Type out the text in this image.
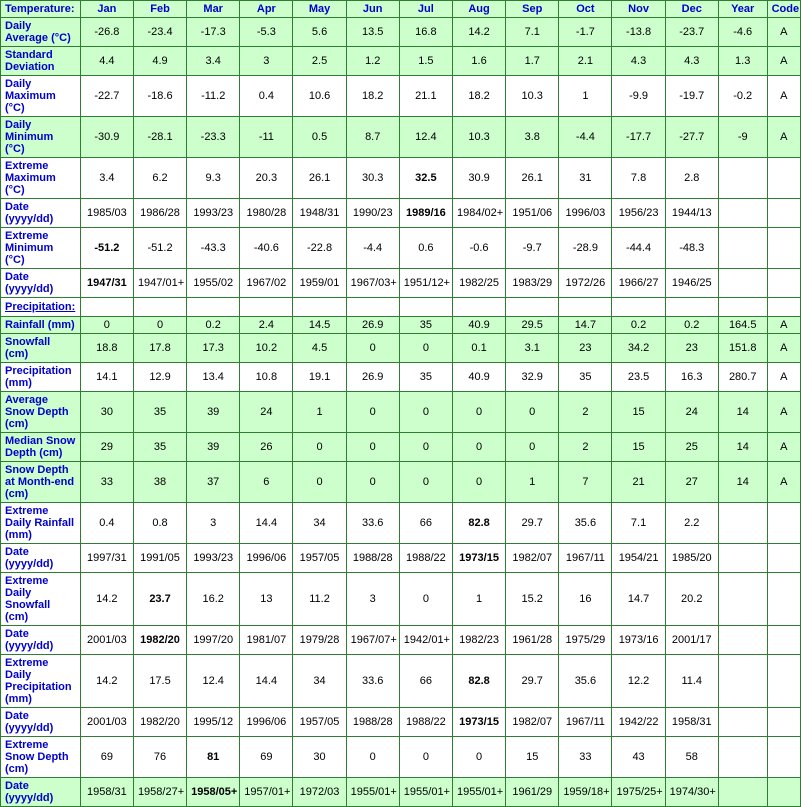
Temperature:	Jan	Feb	Mar	Apr	May	Jun	Jul	Aug	Sep	Oct	Nov	Dec	Year	Code
Daily Average (°C)	-26.8	-23.4	-17.3	-5.3	5.6	13.5	16.8	14.2	7.1	-1.7	-13.8	-23.7	-4.6	A
Standard Deviation	4.4	4.9	3.4	3	2.5	1.2	1.5	1.6	1.7	2.1	4.3	4.3	1.3	A
Daily Maximum (°C)	-22.7	-18.6	-11.2	0.4	10.6	18.2	21.1	18.2	10.3	1	-9.9	-19.7	-0.2	A
Daily Minimum (°C)	-30.9	-28.1	-23.3	-11	0.5	8.7	12.4	10.3	3.8	-4.4	-17.7	-27.7	-9	A
Extreme Maximum (°C)	3.4	6.2	9.3	20.3	26.1	30.3	32.5	30.9	26.1	31	7.8	2.8		
Date (yyyy/dd)	1985/03	1986/28	1993/23	1980/28	1948/31	1990/23	1989/16	1984/02+	1951/06	1996/03	1956/23	1944/13		
Extreme Minimum (°C)	-51.2	-51.2	-43.3	-40.6	-22.8	-4.4	0.6	-0.6	-9.7	-28.9	-44.4	-48.3		
Date (yyyy/dd)	1947/31	1947/01+	1955/02	1967/02	1959/01	1967/03+	1951/12+	1982/25	1983/29	1972/26	1966/27	1946/25		
Precipitation:														
Rainfall (mm)	0	0	0.2	2.4	14.5	26.9	35	40.9	29.5	14.7	0.2	0.2	164.5	A
Snowfall (cm)	18.8	17.8	17.3	10.2	4.5	0	0	0.1	3.1	23	34.2	23	151.8	A
Precipitation (mm)	14.1	12.9	13.4	10.8	19.1	26.9	35	40.9	32.9	35	23.5	16.3	280.7	A
Average Snow Depth (cm)	30	35	39	24	1	0	0	0	0	2	15	24	14	A
Median Snow Depth (cm)	29	35	39	26	0	0	0	0	0	2	15	25	14	A
Snow Depth at Month-end (cm)	33	38	37	6	0	0	0	0	1	7	21	27	14	A
Extreme Daily Rainfall (mm)	0.4	0.8	3	14.4	34	33.6	66	82.8	29.7	35.6	7.1	2.2		
Date (yyyy/dd)	1997/31	1991/05	1993/23	1996/06	1957/05	1988/28	1988/22	1973/15	1982/07	1967/11	1954/21	1985/20		
Extreme Daily Snowfall (cm)	14.2	23.7	16.2	13	11.2	3	0	1	15.2	16	14.7	20.2		
Date (yyyy/dd)	2001/03	1982/20	1997/20	1981/07	1979/28	1967/07+	1942/01+	1982/23	1961/28	1975/29	1973/16	2001/17		
Extreme Daily Precipitation (mm)	14.2	17.5	12.4	14.4	34	33.6	66	82.8	29.7	35.6	12.2	11.4		
Date (yyyy/dd)	2001/03	1982/20	1995/12	1996/06	1957/05	1988/28	1988/22	1973/15	1982/07	1967/11	1942/22	1958/31		
Extreme Snow Depth (cm)	69	76	81	69	30	0	0	0	15	33	43	58		
Date (yyyy/dd)	1958/31	1958/27+	1958/05+	1957/01+	1972/03	1955/01+	1955/01+	1955/01+	1961/29	1959/18+	1975/25+	1974/30+		
